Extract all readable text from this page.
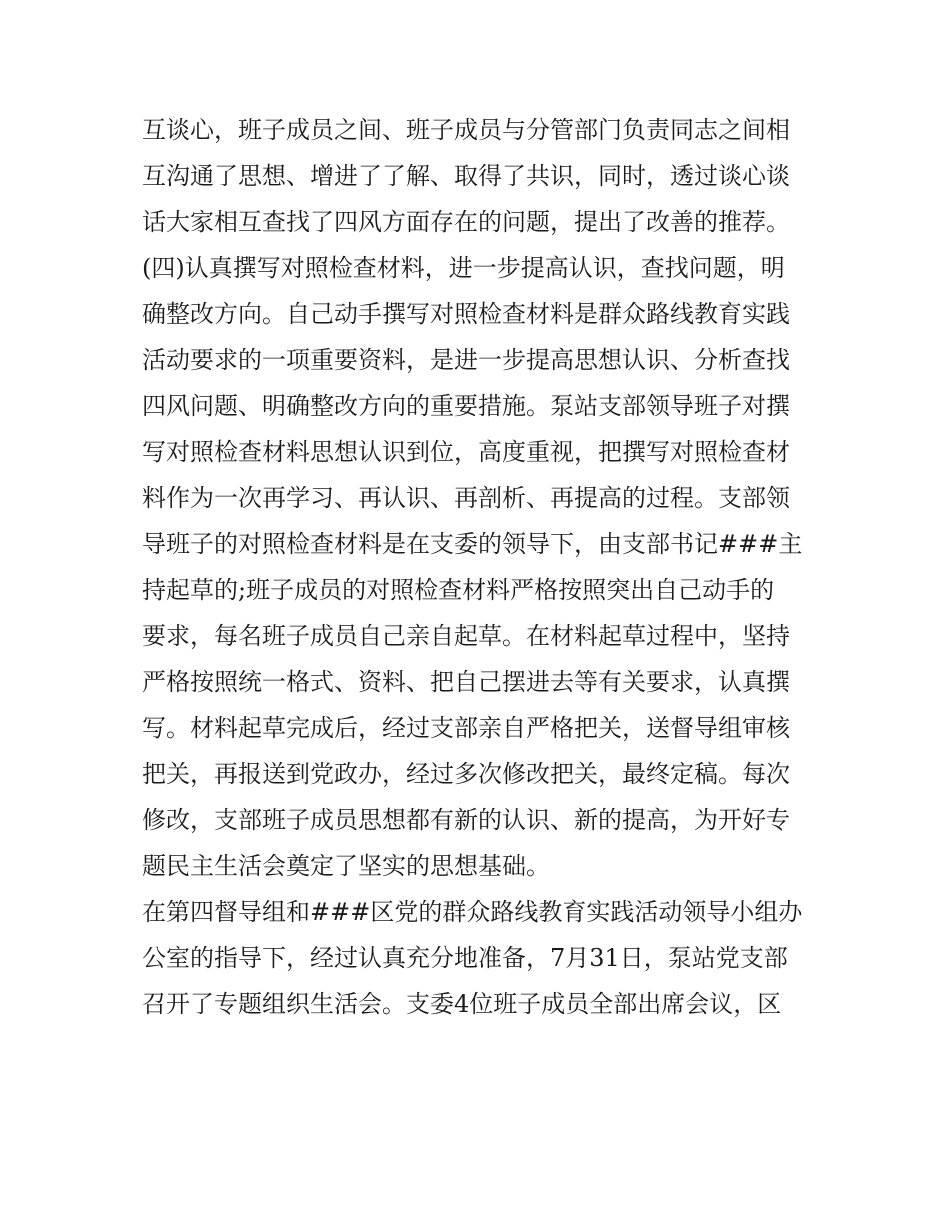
互谈心，班子成员之间、班子成员与分管部门负责同志之间相
互沟通了思想、增进了了解、取得了共识，同时，透过谈心谈
话大家相互查找了四风方面存在的问题，提出了改善的推荐。
(四)认真撰写对照检查材料，进一步提高认识，查找问题，明
确整改方向。自己动手撰写对照检查材料是群众路线教育实践
活动要求的一项重要资料，是进一步提高思想认识、分析查找
四风问题、明确整改方向的重要措施。泵站支部领导班子对撰
写对照检查材料思想认识到位，高度重视，把撰写对照检查材
料作为一次再学习、再认识、再剖析、再提高的过程。支部领
导班子的对照检查材料是在支委的领导下，由支部书记###主
持起草的;班子成员的对照检查材料严格按照突出自己动手的
要求，每名班子成员自己亲自起草。在材料起草过程中，坚持
严格按照统一格式、资料、把自己摆进去等有关要求，认真撰
写。材料起草完成后，经过支部亲自严格把关，送督导组审核
把关，再报送到党政办，经过多次修改把关，最终定稿。每次
修改，支部班子成员思想都有新的认识、新的提高，为开好专
题民主生活会奠定了坚实的思想基础。
在第四督导组和###区党的群众路线教育实践活动领导小组办
公室的指导下，经过认真充分地准备，7月31日，泵站党支部
召开了专题组织生活会。支委4位班子成员全部出席会议，区
